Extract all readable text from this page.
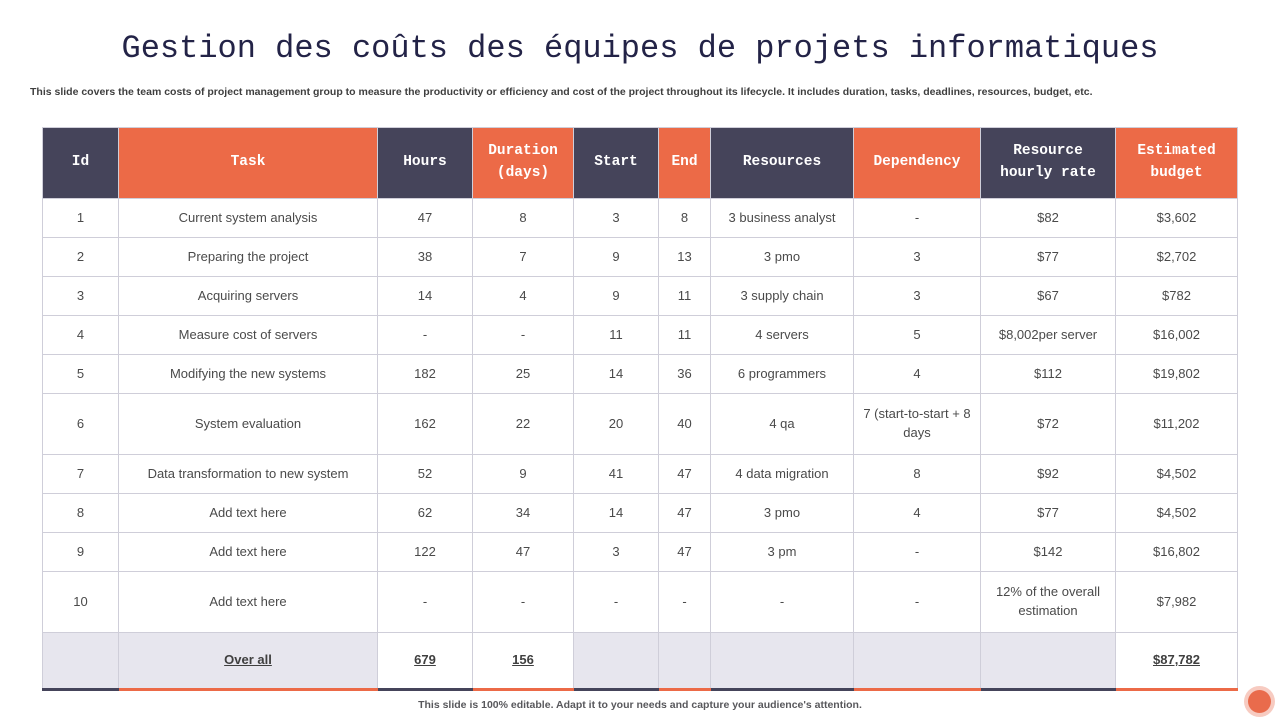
Gestion des coûts des équipes de projets informatiques

This slide covers the team costs of project management group to measure the productivity or efficiency and cost of the project throughout its lifecycle. It includes duration, tasks, deadlines, resources, budget, etc.

Id	Task	Hours	Duration (days)	Start	End	Resources	Dependency	Resource hourly rate	Estimated budget
1	Current system analysis	47	8	3	8	3 business analyst	-	$82	$3,602
2	Preparing the project	38	7	9	13	3 pmo	3	$77	$2,702
3	Acquiring servers	14	4	9	11	3 supply chain	3	$67	$782
4	Measure cost of servers	-	-	11	11	4 servers	5	$8,002per server	$16,002
5	Modifying the new systems	182	25	14	36	6 programmers	4	$112	$19,802
6	System evaluation	162	22	20	40	4 qa	7 (start-to-start + 8 days	$72	$11,202
7	Data transformation to new system	52	9	41	47	4 data migration	8	$92	$4,502
8	Add text here	62	34	14	47	3 pmo	4	$77	$4,502
9	Add text here	122	47	3	47	3 pm	-	$142	$16,802
10	Add text here	-	-	-	-	-	-	12% of the overall estimation	$7,982
	Over all	679	156						$87,782

This slide is 100% editable. Adapt it to your needs and capture your audience's attention.
